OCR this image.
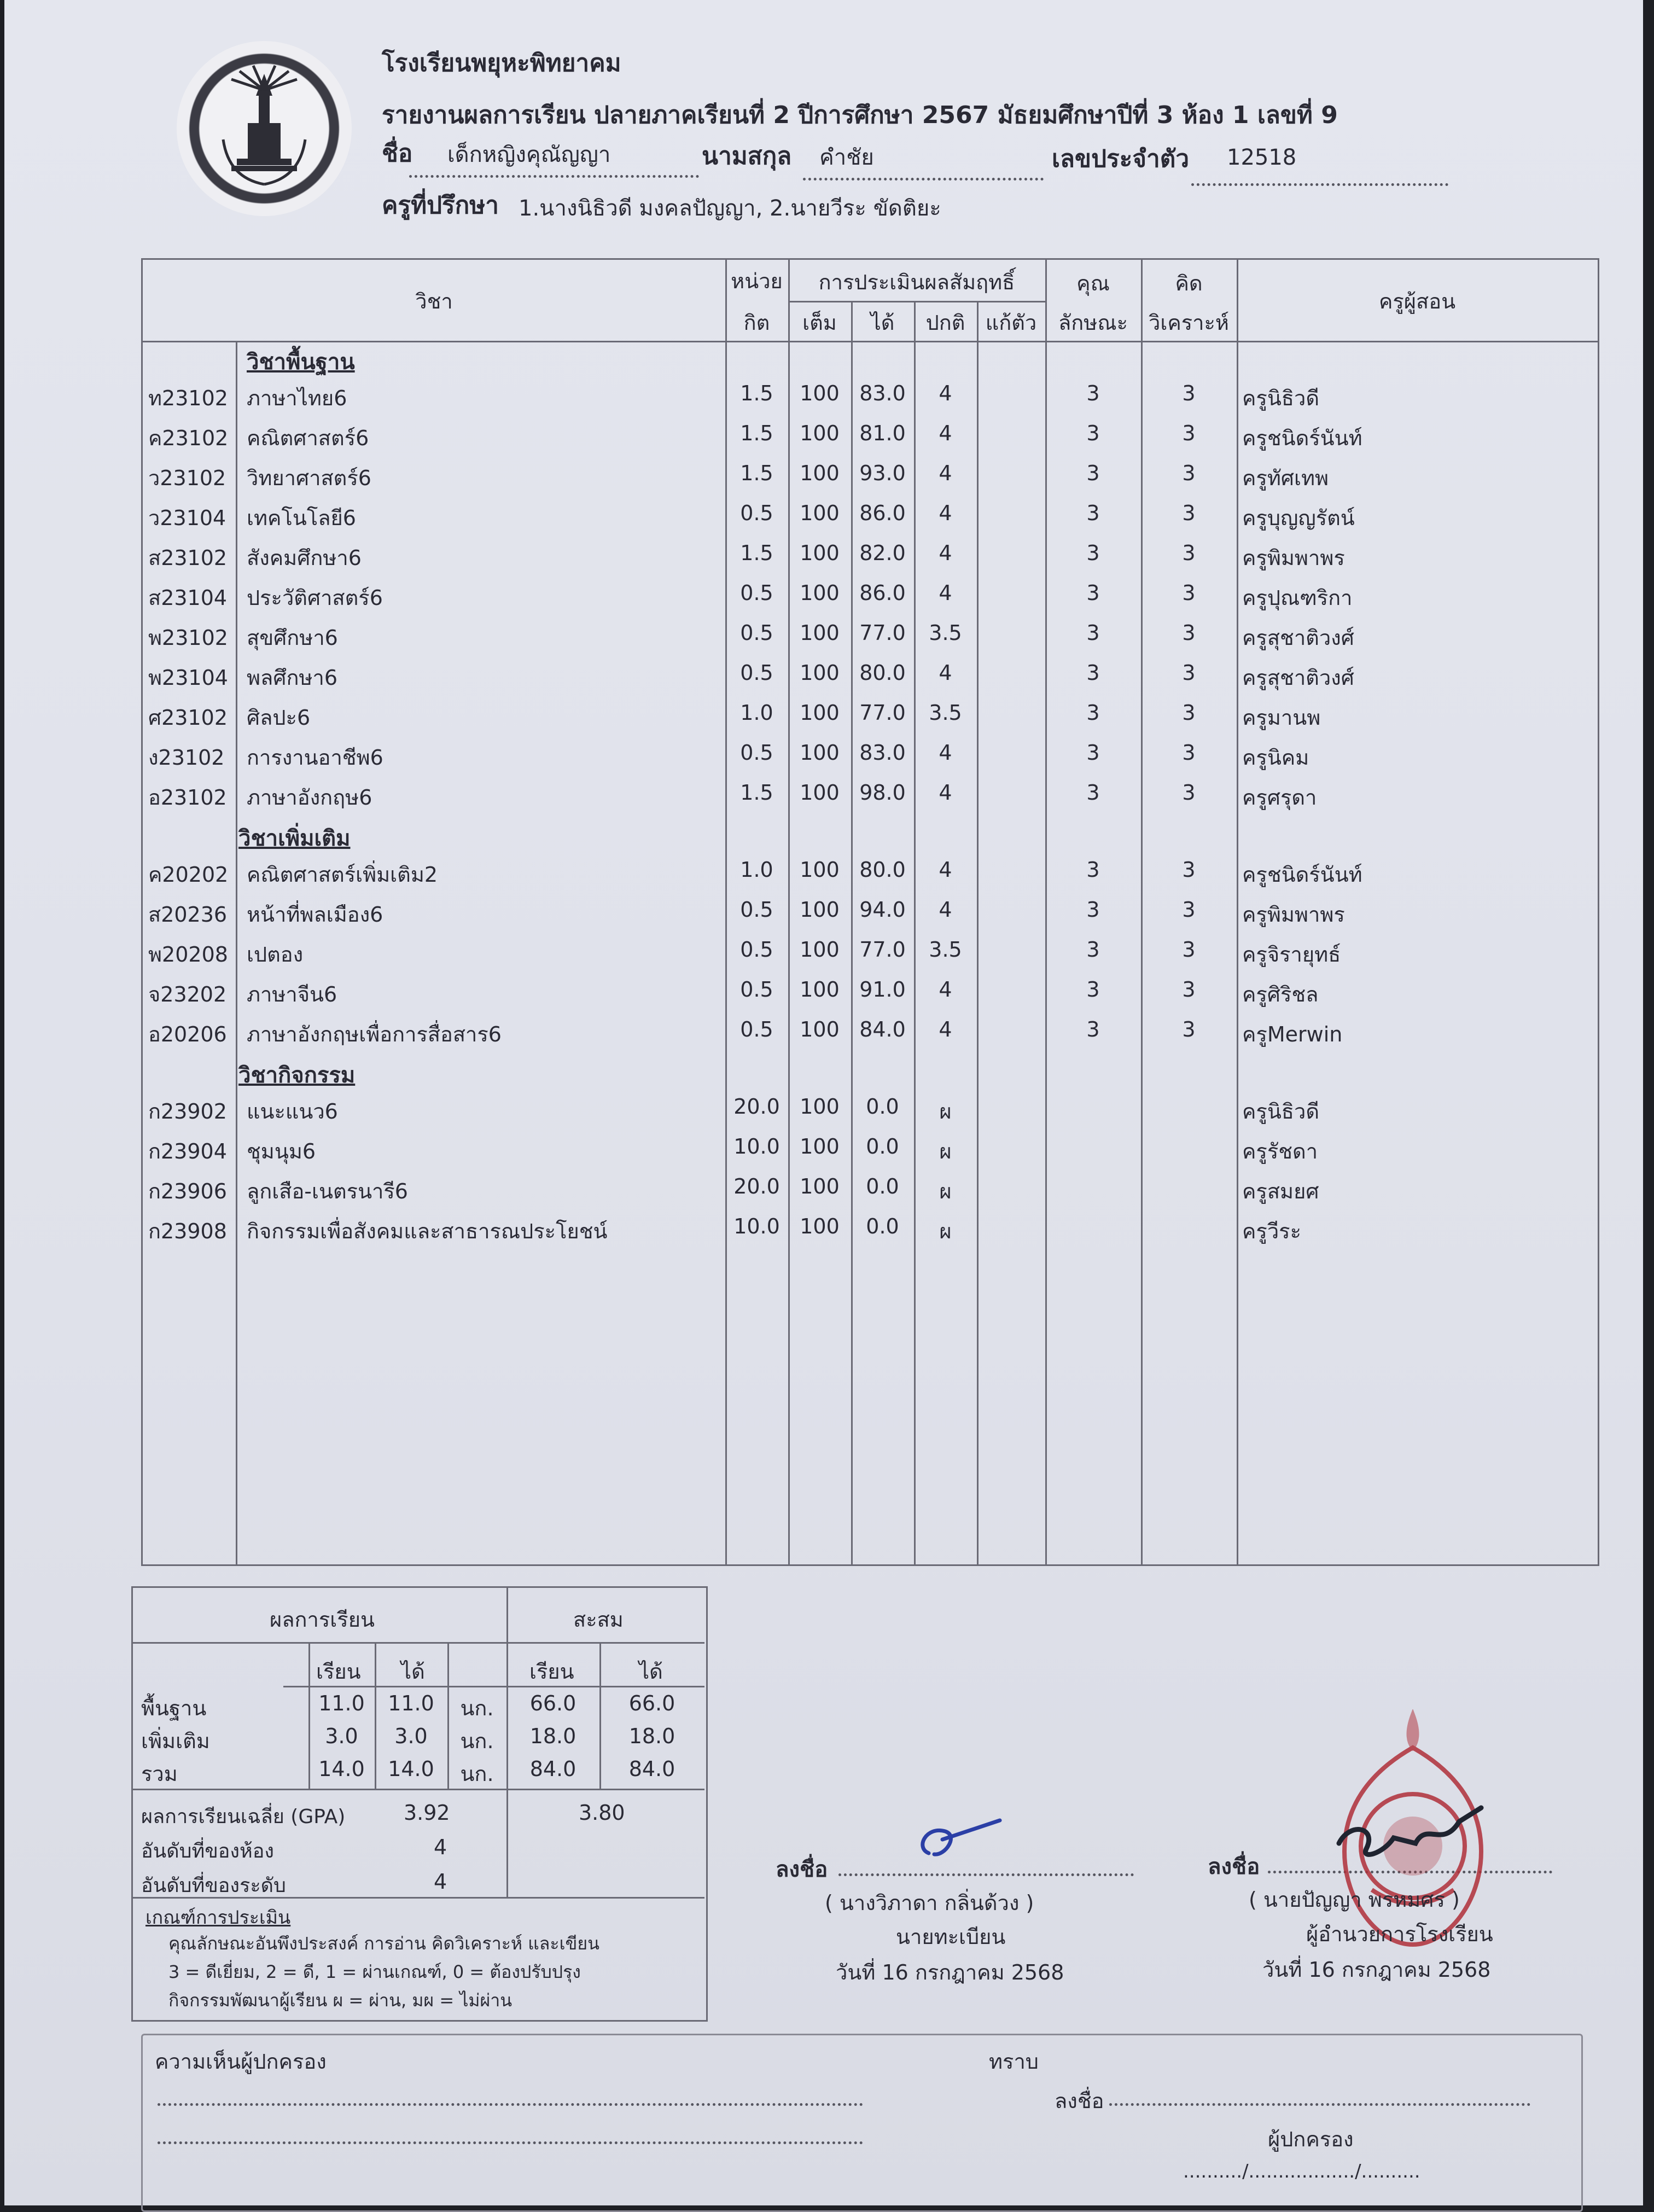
โรงเรียนพยุหะพิทยาคม
รายงานผลการเรียน ปลายภาคเรียนที่ 2 ปีการศึกษา 2567 มัธยมศึกษาปีที่ 3 ห้อง 1 เลขที่ 9
ชื่อ เด็กหญิงคุณัญญา	นามสกุล คำชัย	เลขประจำตัว 12518
ครูที่ปรึกษา 1.นางนิธิวดี มงคลปัญญา, 2.นายวีระ ขัดติยะ
วิชา
หน่วย
กิต
การประเมินผลสัมฤทธิ์
เต็ม	ได้	ปกติ แก้ตัว
คุณ
ลักษณะ
คิด
วิเคราะห์
ครูผู้สอน
วิชาพื้นฐาน
ท23102 ภาษาไทย6	1.5	100 83.0	4	3	3	ครูนิธิวดี
ค23102 คณิตศาสตร์6	1.5	100 81.0	4	3	3	ครูชนิดร์นันท์
ว23102 วิทยาศาสตร์6	1.5	100 93.0	4	3	3	ครูทัศเทพ
ว23104 เทคโนโลยี6	0.5	100 86.0	4	3	3	ครูบุญญรัตน์
ส23102 สังคมศึกษา6	1.5	100 82.0	4	3	3	ครูพิมพาพร
ส23104 ประวัติศาสตร์6	0.5	100 86.0	4	3	3	ครูปุณฑริกา
พ23102 สุขศึกษา6	0.5	100 77.0	3.5	3	3	ครูสุชาติวงศ์
พ23104 พลศึกษา6	0.5	100 80.0	4	3	3	ครูสุชาติวงศ์
ศ23102 ศิลปะ6	1.0	100 77.0	3.5	3	3	ครูมานพ
ง23102	การงานอาชีพ6	0.5	100 83.0	4	3	3	ครูนิคม
อ23102 ภาษาอังกฤษ6	1.5	100 98.0	4	3	3	ครูศรุดา
วิชาเพิ่มเติม
ค20202 คณิตศาสตร์เพิ่มเติม2	1.0	100 80.0	4	3	3	ครูชนิดร์นันท์
ส20236 หน้าที่พลเมือง6	0.5	100 94.0	4	3	3	ครูพิมพาพร
พ20208 เปตอง	0.5	100 77.0	3.5	3	3	ครูจิรายุทธ์
จ23202 ภาษาจีน6	0.5	100 91.0	4	3	3	ครูศิริชล
อ20206 ภาษาอังกฤษเพื่อการสื่อสาร6	0.5	100 84.0	4	3	3	ครูMerwin
วิชากิจกรรม
ก23902 แนะแนว6	20.0 100	0.0	ผ	ครูนิธิวดี
ก23904 ชุมนุม6	10.0 100	0.0	ผ	ครูรัชดา
ก23906 ลูกเสือ-เนตรนารี6	20.0 100	0.0	ผ	ครูสมยศ
ก23908 กิจกรรมเพื่อสังคมและสาธารณประโยชน์	10.0 100	0.0	ผ	ครูวีระ
ผลการเรียน	สะสม
เรียน ได้	เรียน	ได้
พื้นฐาน	11.0	11.0	นก.	66.0	66.0
เพิ่มเติม	3.0	3.0	นก.	18.0	18.0
รวม	14.0	14.0	นก.	84.0	84.0
ผลการเรียนเฉลี่ย (GPA)	3.92	3.80
อันดับที่ของห้อง	4
อันดับที่ของระดับ	4
เกณฑ์การประเมิน
คุณลักษณะอันพึงประสงค์ การอ่าน คิดวิเคราะห์ และเขียน
3 = ดีเยี่ยม, 2 = ดี, 1 = ผ่านเกณฑ์, 0 = ต้องปรับปรุง
กิจกรรมพัฒนาผู้เรียน ผ = ผ่าน, มผ = ไม่ผ่าน
ลงชื่อ
( นางวิภาดา กลิ่นด้วง )
นายทะเบียน
วันที่ 16 กรกฎาคม 2568
ลงชื่อ
( นายปัญญา พรหมศร )
ผู้อำนวยการโรงเรียน
วันที่ 16 กรกฎาคม 2568
ความเห็นผู้ปกครอง	ทราบ
ลงชื่อ
ผู้ปกครอง
........../................../..........
